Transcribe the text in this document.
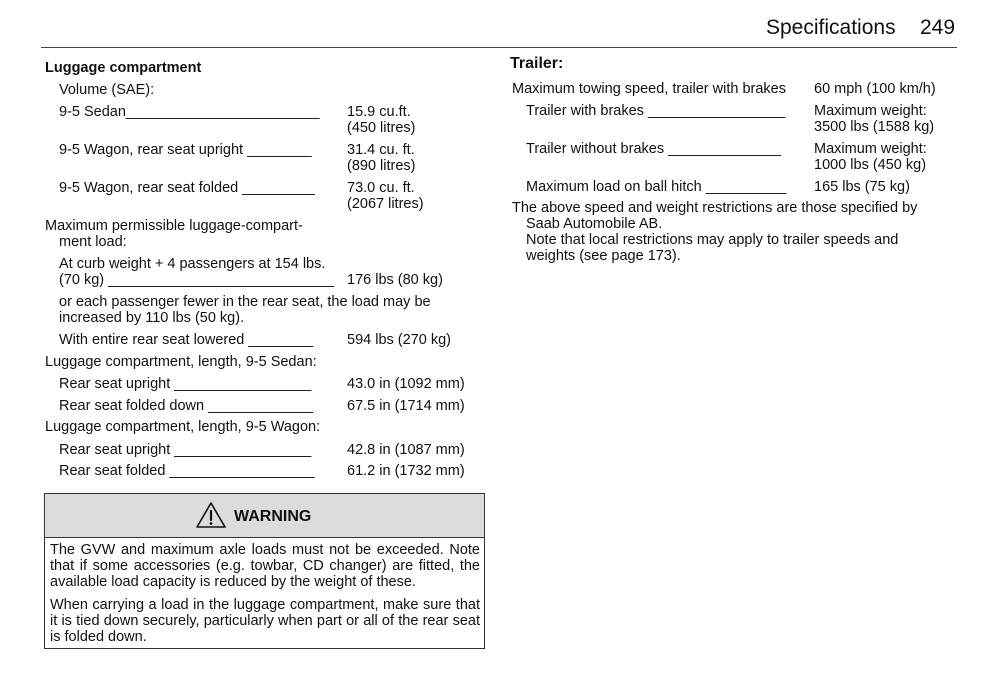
Specifications 249
Luggage compartment
Volume (SAE):
9-5 Sedan________________________ 15.9 cu.ft.
(450 litres)
9-5 Wagon, rear seat upright ________ 31.4 cu. ft.
(890 litres)
9-5 Wagon, rear seat folded _________ 73.0 cu. ft.
(2067 litres)
Maximum permissible luggage-compart-
ment load:
At curb weight + 4 passengers at 154 lbs.
(70 kg) ____________________________ 176 lbs (80 kg)
or each passenger fewer in the rear seat, the load may be
increased by 110 lbs (50 kg).
With entire rear seat lowered ________ 594 lbs (270 kg)
Luggage compartment, length, 9-5 Sedan:
Rear seat upright _________________ 43.0 in (1092 mm)
Rear seat folded down _____________ 67.5 in (1714 mm)
Luggage compartment, length, 9-5 Wagon:
Rear seat upright _________________ 42.8 in (1087 mm)
Rear seat folded __________________ 61.2 in (1732 mm)
WARNING
The GVW and maximum axle loads must not be exceeded. Note that if some accessories (e.g. towbar, CD changer) are fitted, the available load capacity is reduced by the weight of these.
When carrying a load in the luggage compartment, make sure that it is tied down securely, particularly when part or all of the rear seat is folded down.
Trailer:
Maximum towing speed, trailer with brakes 60 mph (100 km/h)
Trailer with brakes _________________ Maximum weight:
3500 lbs (1588 kg)
Trailer without brakes ______________ Maximum weight:
1000 lbs (450 kg)
Maximum load on ball hitch __________ 165 lbs (75 kg)
The above speed and weight restrictions are those specified by
Saab Automobile AB.
Note that local restrictions may apply to trailer speeds and
weights (see page 173).
